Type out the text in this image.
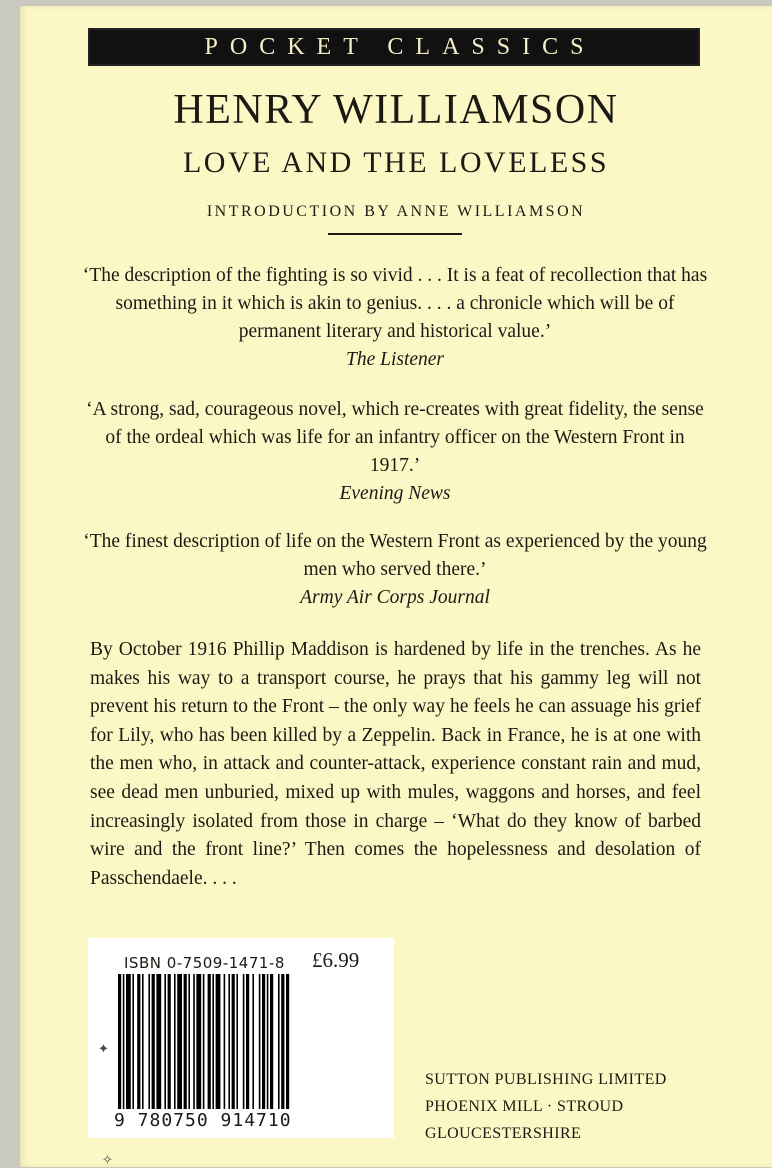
POCKET CLASSICS
HENRY WILLIAMSON
LOVE AND THE LOVELESS
INTRODUCTION BY ANNE WILLIAMSON
‘The description of the fighting is so vivid . . . It is a feat of recollection that has something in it which is akin to genius. . . . a chronicle which will be of permanent literary and historical value.’
The Listener
‘A strong, sad, courageous novel, which re-creates with great fidelity, the sense of the ordeal which was life for an infantry officer on the Western Front in 1917.’
Evening News
‘The finest description of life on the Western Front as experienced by the young men who served there.’
Army Air Corps Journal
By October 1916 Phillip Maddison is hardened by life in the trenches. As he makes his way to a transport course, he prays that his gammy leg will not prevent his return to the Front – the only way he feels he can assuage his grief for Lily, who has been killed by a Zeppelin. Back in France, he is at one with the men who, in attack and counter-attack, experience constant rain and mud, see dead men unburied, mixed up with mules, waggons and horses, and feel increasingly isolated from those in charge – ‘What do they know of barbed wire and the front line?’ Then comes the hopelessness and desolation of Passchendaele. . . .
ISBN 0-7509-1471-8 £6.99
9 780750 914710
SUTTON PUBLISHING LIMITED
PHOENIX MILL · STROUD
GLOUCESTERSHIRE
✦
✧
